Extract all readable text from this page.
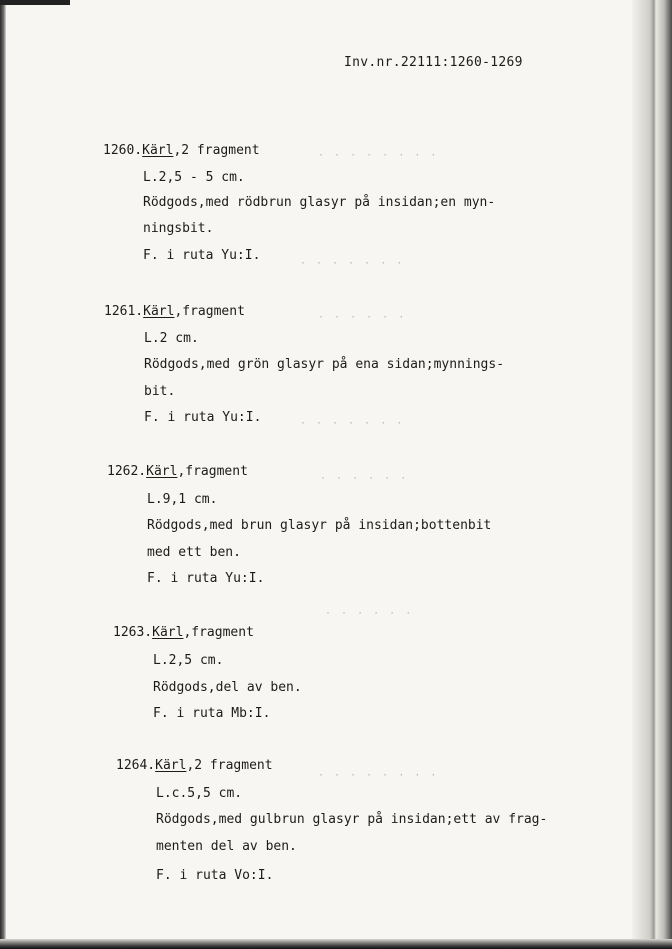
· · · · · · · ·
· · · · · · ·
· · · · · ·
· · · · · · ·
· · · · · ·
· · · · · ·
· · · · · · · ·
Inv.nr.22111:1260-1269
1260.Kärl,2 fragment
L.2,5 - 5 cm.
Rödgods,med rödbrun glasyr på insidan;en myn-
ningsbit.
F. i ruta Yu:I.
1261.Kärl,fragment
L.2 cm.
Rödgods,med grön glasyr på ena sidan;mynnings-
bit.
F. i ruta Yu:I.
1262.Kärl,fragment
L.9,1 cm.
Rödgods,med brun glasyr på insidan;bottenbit
med ett ben.
F. i ruta Yu:I.
1263.Kärl,fragment
L.2,5 cm.
Rödgods,del av ben.
F. i ruta Mb:I.
1264.Kärl,2 fragment
L.c.5,5 cm.
Rödgods,med gulbrun glasyr på insidan;ett av frag-
menten del av ben.
F. i ruta Vo:I.
